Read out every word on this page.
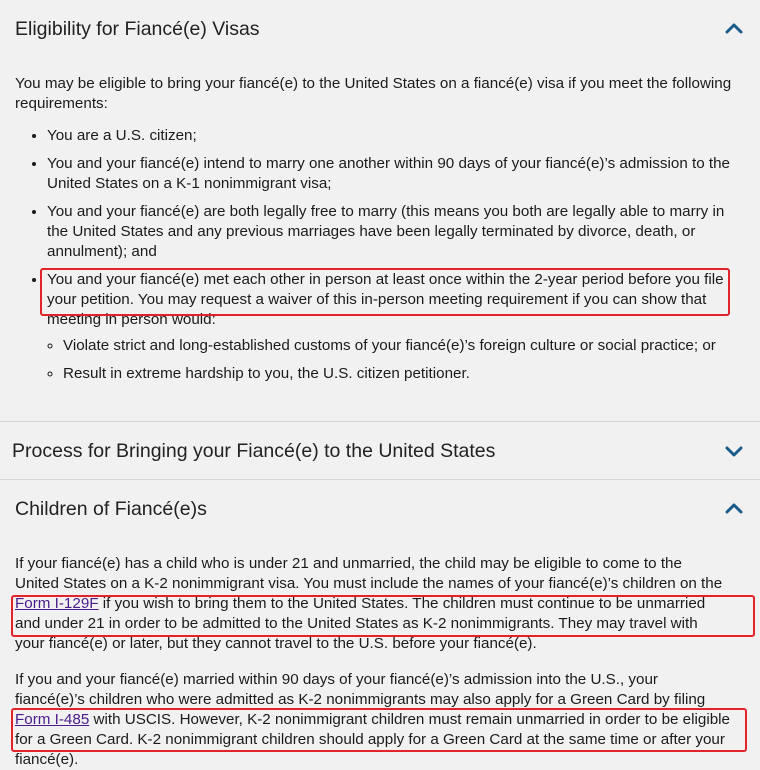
Eligibility for Fiancé(e) Visas

You may be eligible to bring your fiancé(e) to the United States on a fiancé(e) visa if you meet the following requirements:

• You are a U.S. citizen;
• You and your fiancé(e) intend to marry one another within 90 days of your fiancé(e)’s admission to the United States on a K-1 nonimmigrant visa;
• You and your fiancé(e) are both legally free to marry (this means you both are legally able to marry in the United States and any previous marriages have been legally terminated by divorce, death, or annulment); and
• You and your fiancé(e) met each other in person at least once within the 2-year period before you file your petition. You may request a waiver of this in-person meeting requirement if you can show that meeting in person would:
◦ Violate strict and long-established customs of your fiancé(e)’s foreign culture or social practice; or
◦ Result in extreme hardship to you, the U.S. citizen petitioner.
Process for Bringing your Fiancé(e) to the United States
Children of Fiancé(e)s

If your fiancé(e) has a child who is under 21 and unmarried, the child may be eligible to come to the United States on a K-2 nonimmigrant visa. You must include the names of your fiancé(e)’s children on the Form I-129F if you wish to bring them to the United States. The children must continue to be unmarried and under 21 in order to be admitted to the United States as K-2 nonimmigrants. They may travel with your fiancé(e) or later, but they cannot travel to the U.S. before your fiancé(e).

If you and your fiancé(e) married within 90 days of your fiancé(e)’s admission into the U.S., your fiancé(e)’s children who were admitted as K-2 nonimmigrants may also apply for a Green Card by filing Form I-485 with USCIS. However, K-2 nonimmigrant children must remain unmarried in order to be eligible for a Green Card. K-2 nonimmigrant children should apply for a Green Card at the same time or after your fiancé(e).
